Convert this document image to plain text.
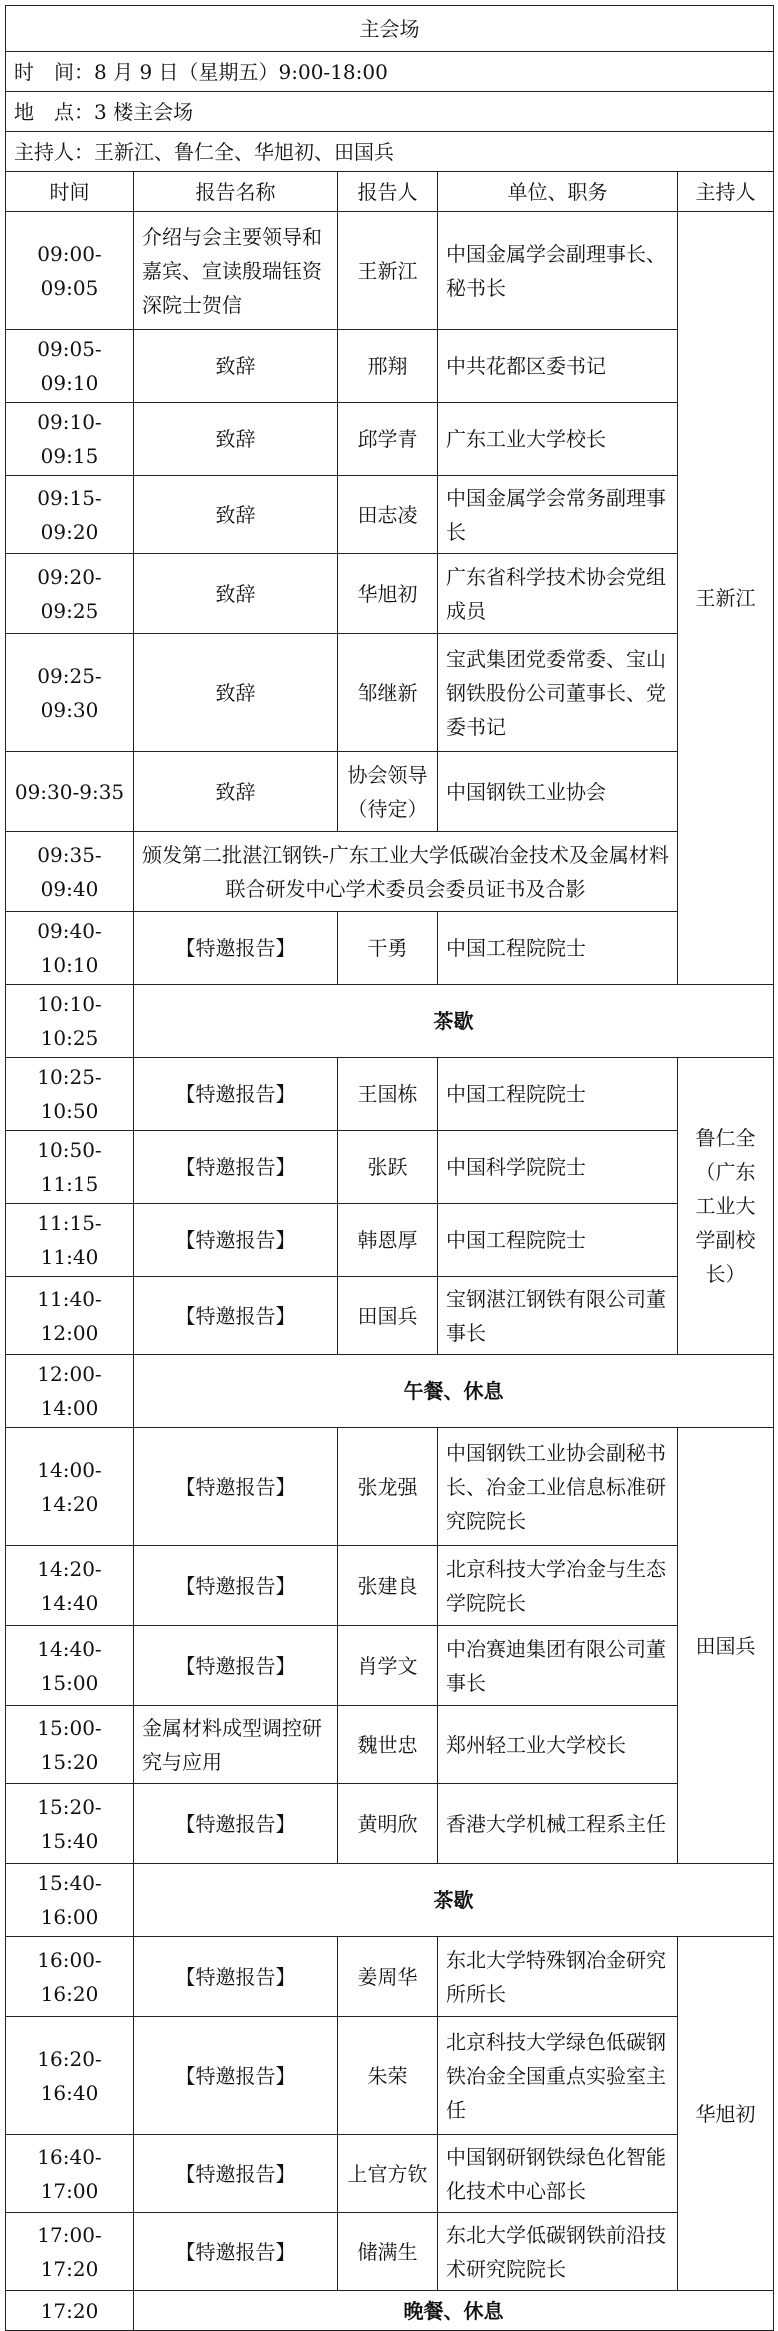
主会场				
时　间：8 月 9 日（星期五）9:00-18:00				
地　点：3 楼主会场				
主持人：王新江、鲁仁全、华旭初、田国兵				
时间	报告名称	报告人	单位、职务	主持人
09:00-09:05	介绍与会主要领导和嘉宾、宣读殷瑞钰资深院士贺信	王新江	中国金属学会副理事长、秘书长	王新江
09:05-09:10	致辞	邢翔	中共花都区委书记	
09:10-09:15	致辞	邱学青	广东工业大学校长	
09:15-09:20	致辞	田志凌	中国金属学会常务副理事长	
09:20-09:25	致辞	华旭初	广东省科学技术协会党组成员	
09:25-09:30	致辞	邹继新	宝武集团党委常委、宝山钢铁股份公司董事长、党委书记	
09:30-9:35	致辞	协会领导（待定）	中国钢铁工业协会	
09:35-09:40	颁发第二批湛江钢铁-广东工业大学低碳冶金技术及金属材料联合研发中心学术委员会委员证书及合影			
09:40-10:10	【特邀报告】	干勇	中国工程院院士	
10:10-10:25	茶歇			
10:25-10:50	【特邀报告】	王国栋	中国工程院院士	鲁仁全（广东工业大学副校长）
10:50-11:15	【特邀报告】	张跃	中国科学院院士	
11:15-11:40	【特邀报告】	韩恩厚	中国工程院院士	
11:40-12:00	【特邀报告】	田国兵	宝钢湛江钢铁有限公司董事长	
12:00-14:00	午餐、休息			
14:00-14:20	【特邀报告】	张龙强	中国钢铁工业协会副秘书长、冶金工业信息标准研究院院长	田国兵
14:20-14:40	【特邀报告】	张建良	北京科技大学冶金与生态学院院长	
14:40-15:00	【特邀报告】	肖学文	中冶赛迪集团有限公司董事长	
15:00-15:20	金属材料成型调控研究与应用	魏世忠	郑州轻工业大学校长	
15:20-15:40	【特邀报告】	黄明欣	香港大学机械工程系主任	
15:40-16:00	茶歇			
16:00-16:20	【特邀报告】	姜周华	东北大学特殊钢冶金研究所所长	华旭初
16:20-16:40	【特邀报告】	朱荣	北京科技大学绿色低碳钢铁冶金全国重点实验室主任	
16:40-17:00	【特邀报告】	上官方钦	中国钢研钢铁绿色化智能化技术中心部长	
17:00-17:20	【特邀报告】	储满生	东北大学低碳钢铁前沿技术研究院院长	
17:20	晚餐、休息			
